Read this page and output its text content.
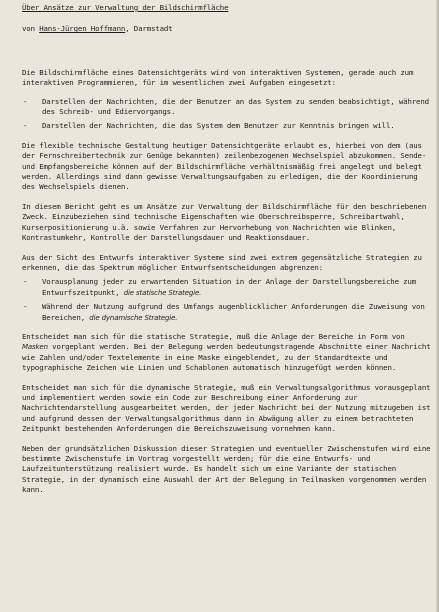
Über Ansätze zur Verwaltung der Bildschirmfläche
von Hans-Jürgen Hoffmann, Darmstadt

Die Bildschirmfläche eines Datensichtgeräts wird von interaktiven Systemen, gerade auch zum interaktiven Programmieren, für im wesentlichen zwei Aufgaben eingesetzt:

- Darstellen der Nachrichten, die der Benutzer an das System zu senden beabsichtigt, während des Schreib- und Ediervorgangs.
- Darstellen der Nachrichten, die das System dem Benutzer zur Kenntnis bringen will.

Die flexible technische Gestaltung heutiger Datensichtgeräte erlaubt es, hierbei von dem (aus der Fernschreibertechnik zur Genüge bekannten) zeilenbezogenen Wechselspiel abzukommen. Sende- und Empfangsbereiche können auf der Bildschirmfläche verhältnismäßig frei angelegt und belegt werden. Allerdings sind dann gewisse Verwaltungsaufgaben zu erledigen, die der Koordinierung des Wechselspiels dienen.

In diesem Bericht geht es um Ansätze zur Verwaltung der Bildschirmfläche für den beschriebenen Zweck. Einzubeziehen sind technische Eigenschaften wie Oberschreibsperre, Schreibartwahl, Kurserpositionierung u.ä. sowie Verfahren zur Hervorhebung von Nachrichten wie Blinken, Kontrastumkehr, Kontrolle der Darstellungsdauer und Reaktionsdauer.

Aus der Sicht des Entwurfs interaktiver Systeme sind zwei extrem gegensätzliche Strategien zu erkennen, die das Spektrum möglicher Entwurfsentscheidungen abgrenzen:

- Vorausplanung jeder zu erwartenden Situation in der Anlage der Darstellungsbereiche zum Entwurfszeitpunkt, die statische Strategie.
- Während der Nutzung aufgrund des Umfangs augenblicklicher Anforderungen die Zuweisung von Bereichen, die dynamische Strategie.

Entscheidet man sich für die statische Strategie, muß die Anlage der Bereiche in Form von Masken vorgeplant werden. Bei der Belegung werden bedeutungstragende Abschnitte einer Nachricht wie Zahlen und/oder Textelemente in eine Maske eingeblendet, zu der Standardtexte und typographische Zeichen wie Linien und Schablonen automatisch hinzugefügt werden können.

Entscheidet man sich für die dynamische Strategie, muß ein Verwaltungsalgorithmus vorausgeplant und implementiert werden sowie ein Code zur Beschreibung einer Anforderung zur Nachrichtendarstellung ausgearbeitet werden, der jeder Nachricht bei der Nutzung mitzugeben ist und aufgrund dessen der Verwaltungsalgorithmus dann in Abwägung aller zu einem betrachteten Zeitpunkt bestehenden Anforderungen die Bereichszuweisung vornehmen kann.

Neben der grundsätzlichen Diskussion dieser Strategien und eventueller Zwischenstufen wird eine bestimmte Zwischenstufe im Vortrag vorgestellt werden; für die eine Entwurfs- und Laufzeitunterstützung realisiert wurde. Es handelt sich um eine Variante der statischen Strategie, in der dynamisch eine Auswahl der Art der Belegung in Teilmasken vorgenommen werden kann.
